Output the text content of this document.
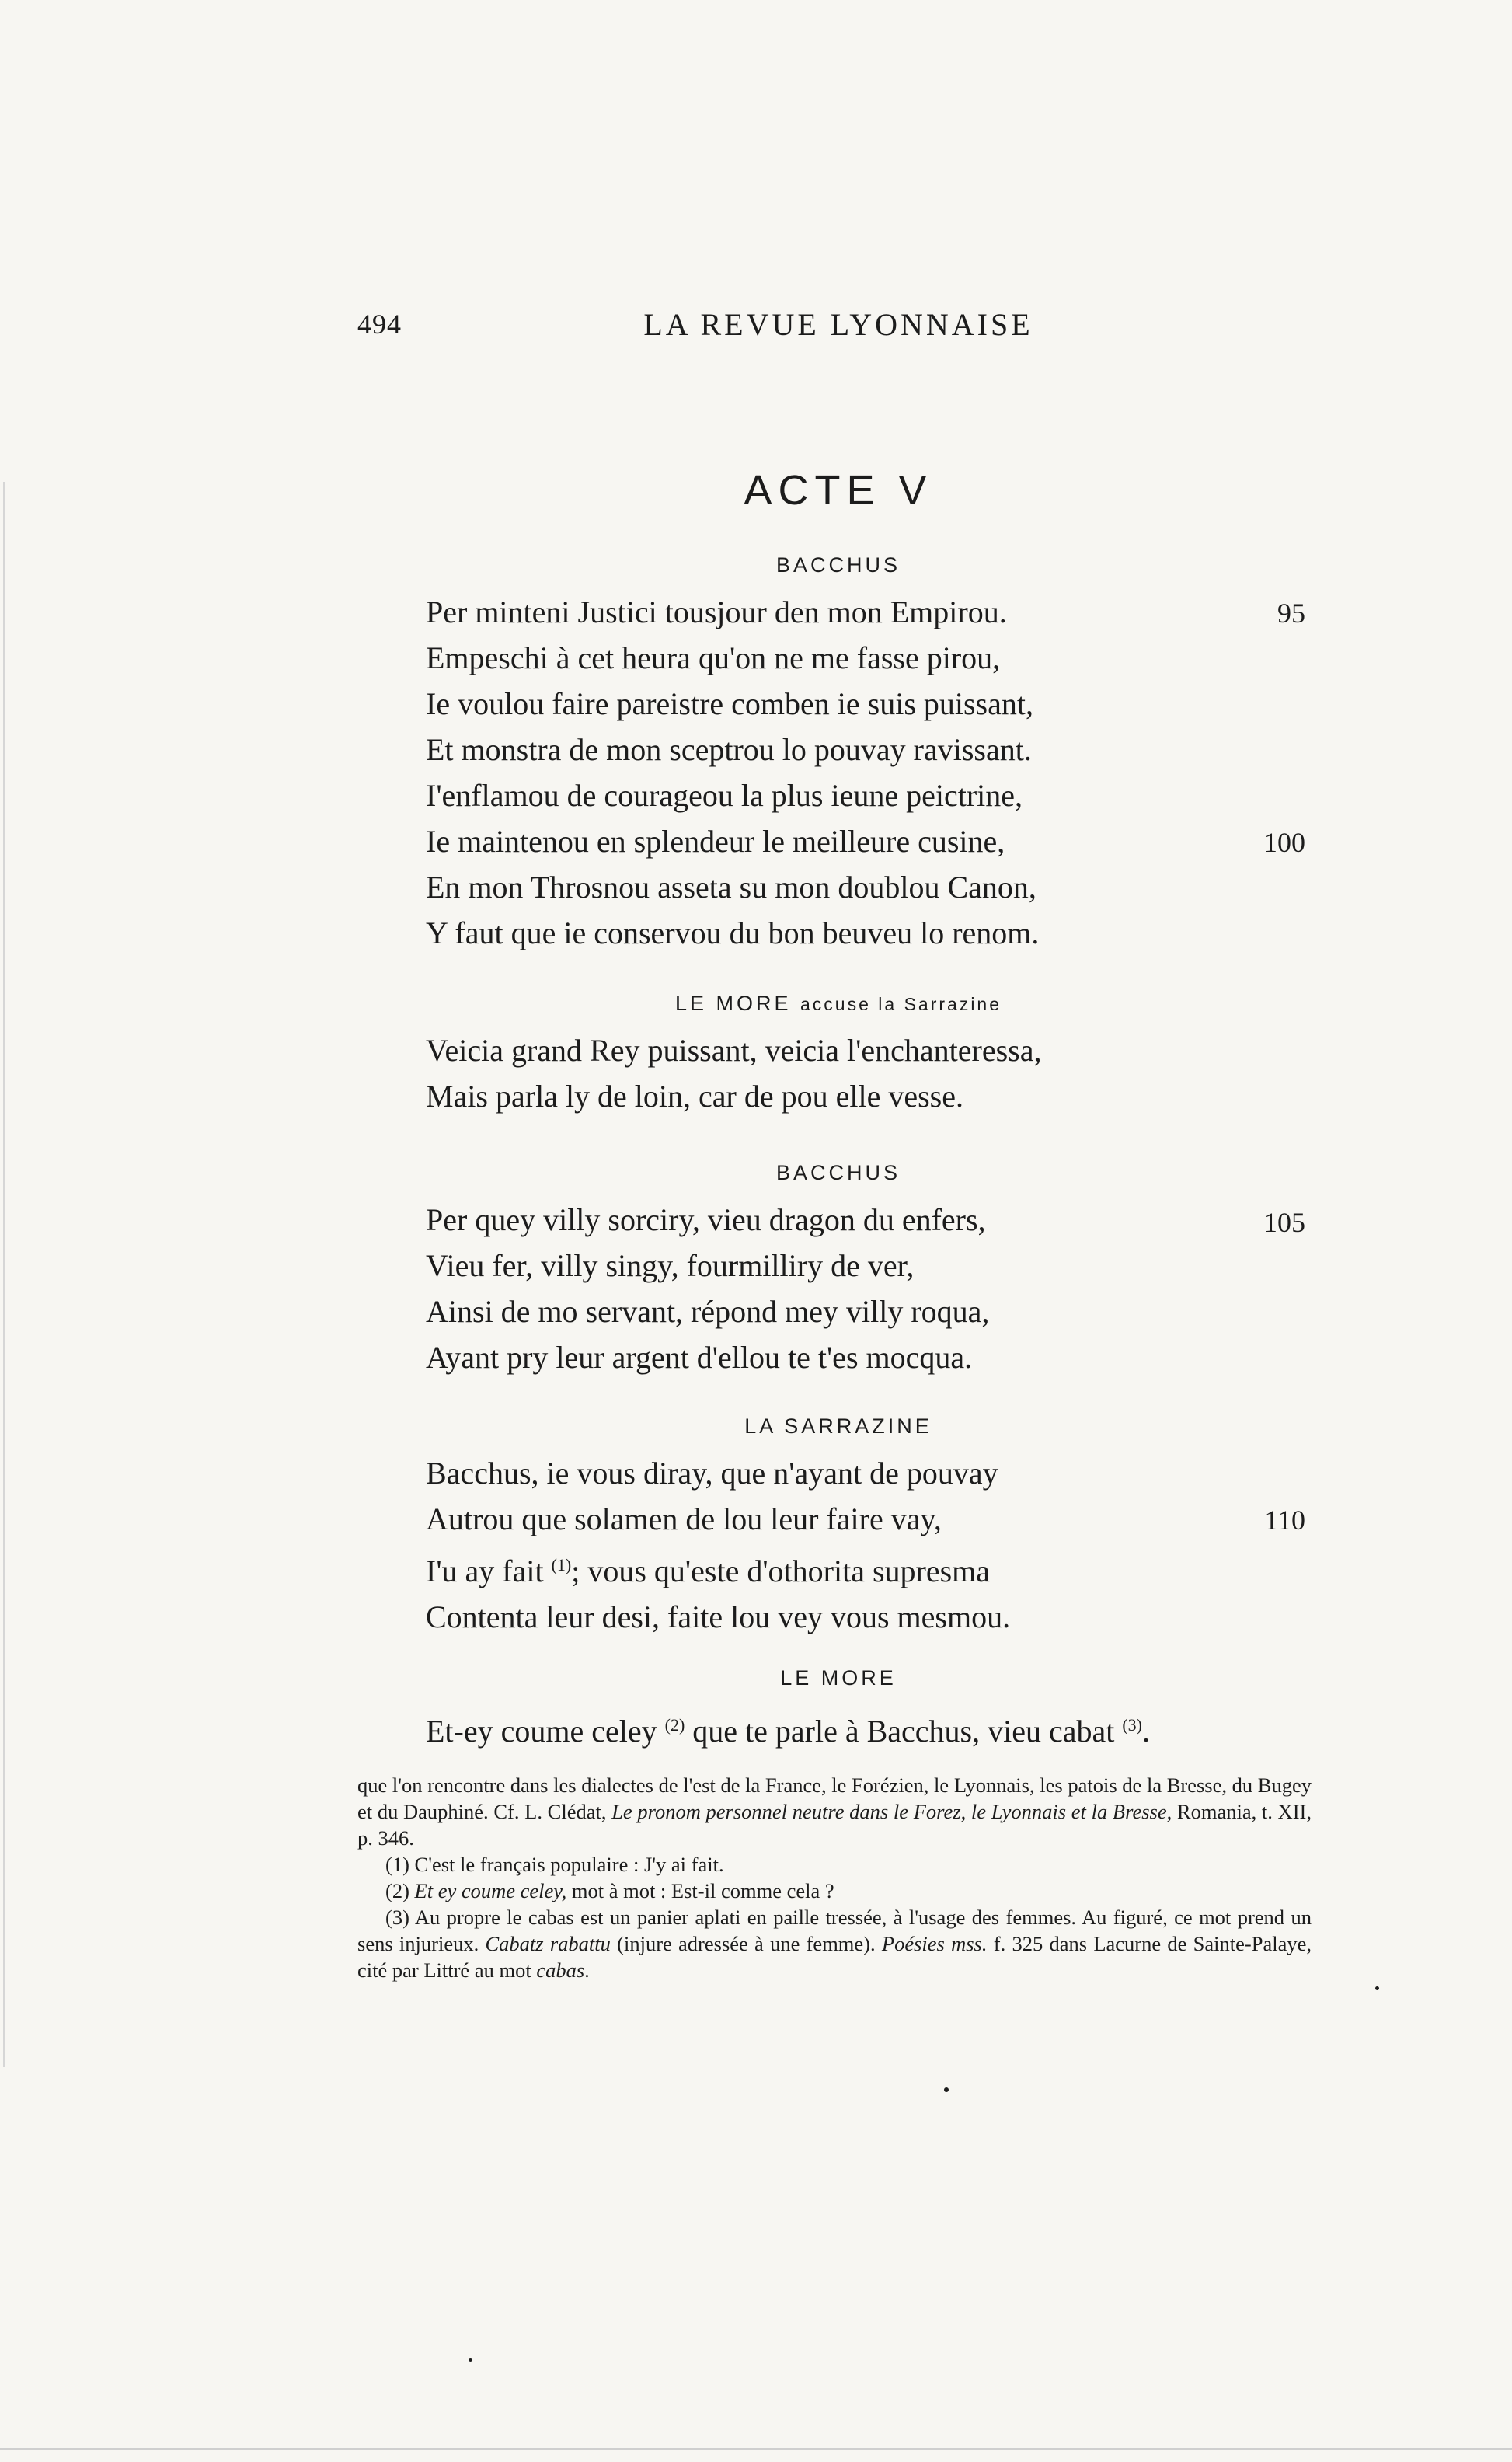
494	LA REVUE LYONNAISE
ACTE V
BACCHUS
Per minteni Justici tousjour den mon Empirou.
Empeschi à cet heura qu'on ne me fasse pirou,
Ie voulou faire pareistre comben ie suis puissant,
Et monstra de mon sceptrou lo pouvay ravissant.
I'enflamou de courageou la plus ieune peictrine,
Ie maintenou en splendeur le meilleure cusine,
En mon Throsnou asseta su mon doublou Canon,
Y faut que ie conservou du bon beuveu lo renom.
95
100
LE MORE accuse la Sarrazine
Veicia grand Rey puissant, veicia l'enchanteressa,
Mais parla ly de loin, car de pou elle vesse.
BACCHUS
Per quey villy sorciry, vieu dragon du enfers,
Vieu fer, villy singy, fourmilliry de ver,
Ainsi de mo servant, répond mey villy roqua,
Ayant pry leur argent d'ellou te t'es mocqua.
105
LA SARRAZINE
Bacchus, ie vous diray, que n'ayant de pouvay
Autrou que solamen de lou leur faire vay,
I'u ay fait $^{(1)}$; vous qu'este d'othorita supresma
Contenta leur desi, faite lou vey vous mesmou.
110
LE MORE
Et-ey coume celey $^{(2)}$ que te parle à Bacchus, vieu cabat $^{(3)}$.

que l'on rencontre dans les dialectes de l'est de la France, le Forézien, le Lyonnais, les patois de la Bresse, du Bugey et du Dauphiné. Cf. L. Clédat, Le pronom personnel neutre dans le Forez, le Lyonnais et la Bresse, Romania, t. XII, p. 346.

(1) C'est le français populaire : J'y ai fait.

(2) Et ey coume celey, mot à mot : Est-il comme cela ?

(3) Au propre le cabas est un panier aplati en paille tressée, à l'usage des femmes. Au figuré, ce mot prend un sens injurieux. Cabatz rabattu (injure adressée à une femme). Poésies mss. f. 325 dans Lacurne de Sainte-Palaye, cité par Littré au mot cabas.
